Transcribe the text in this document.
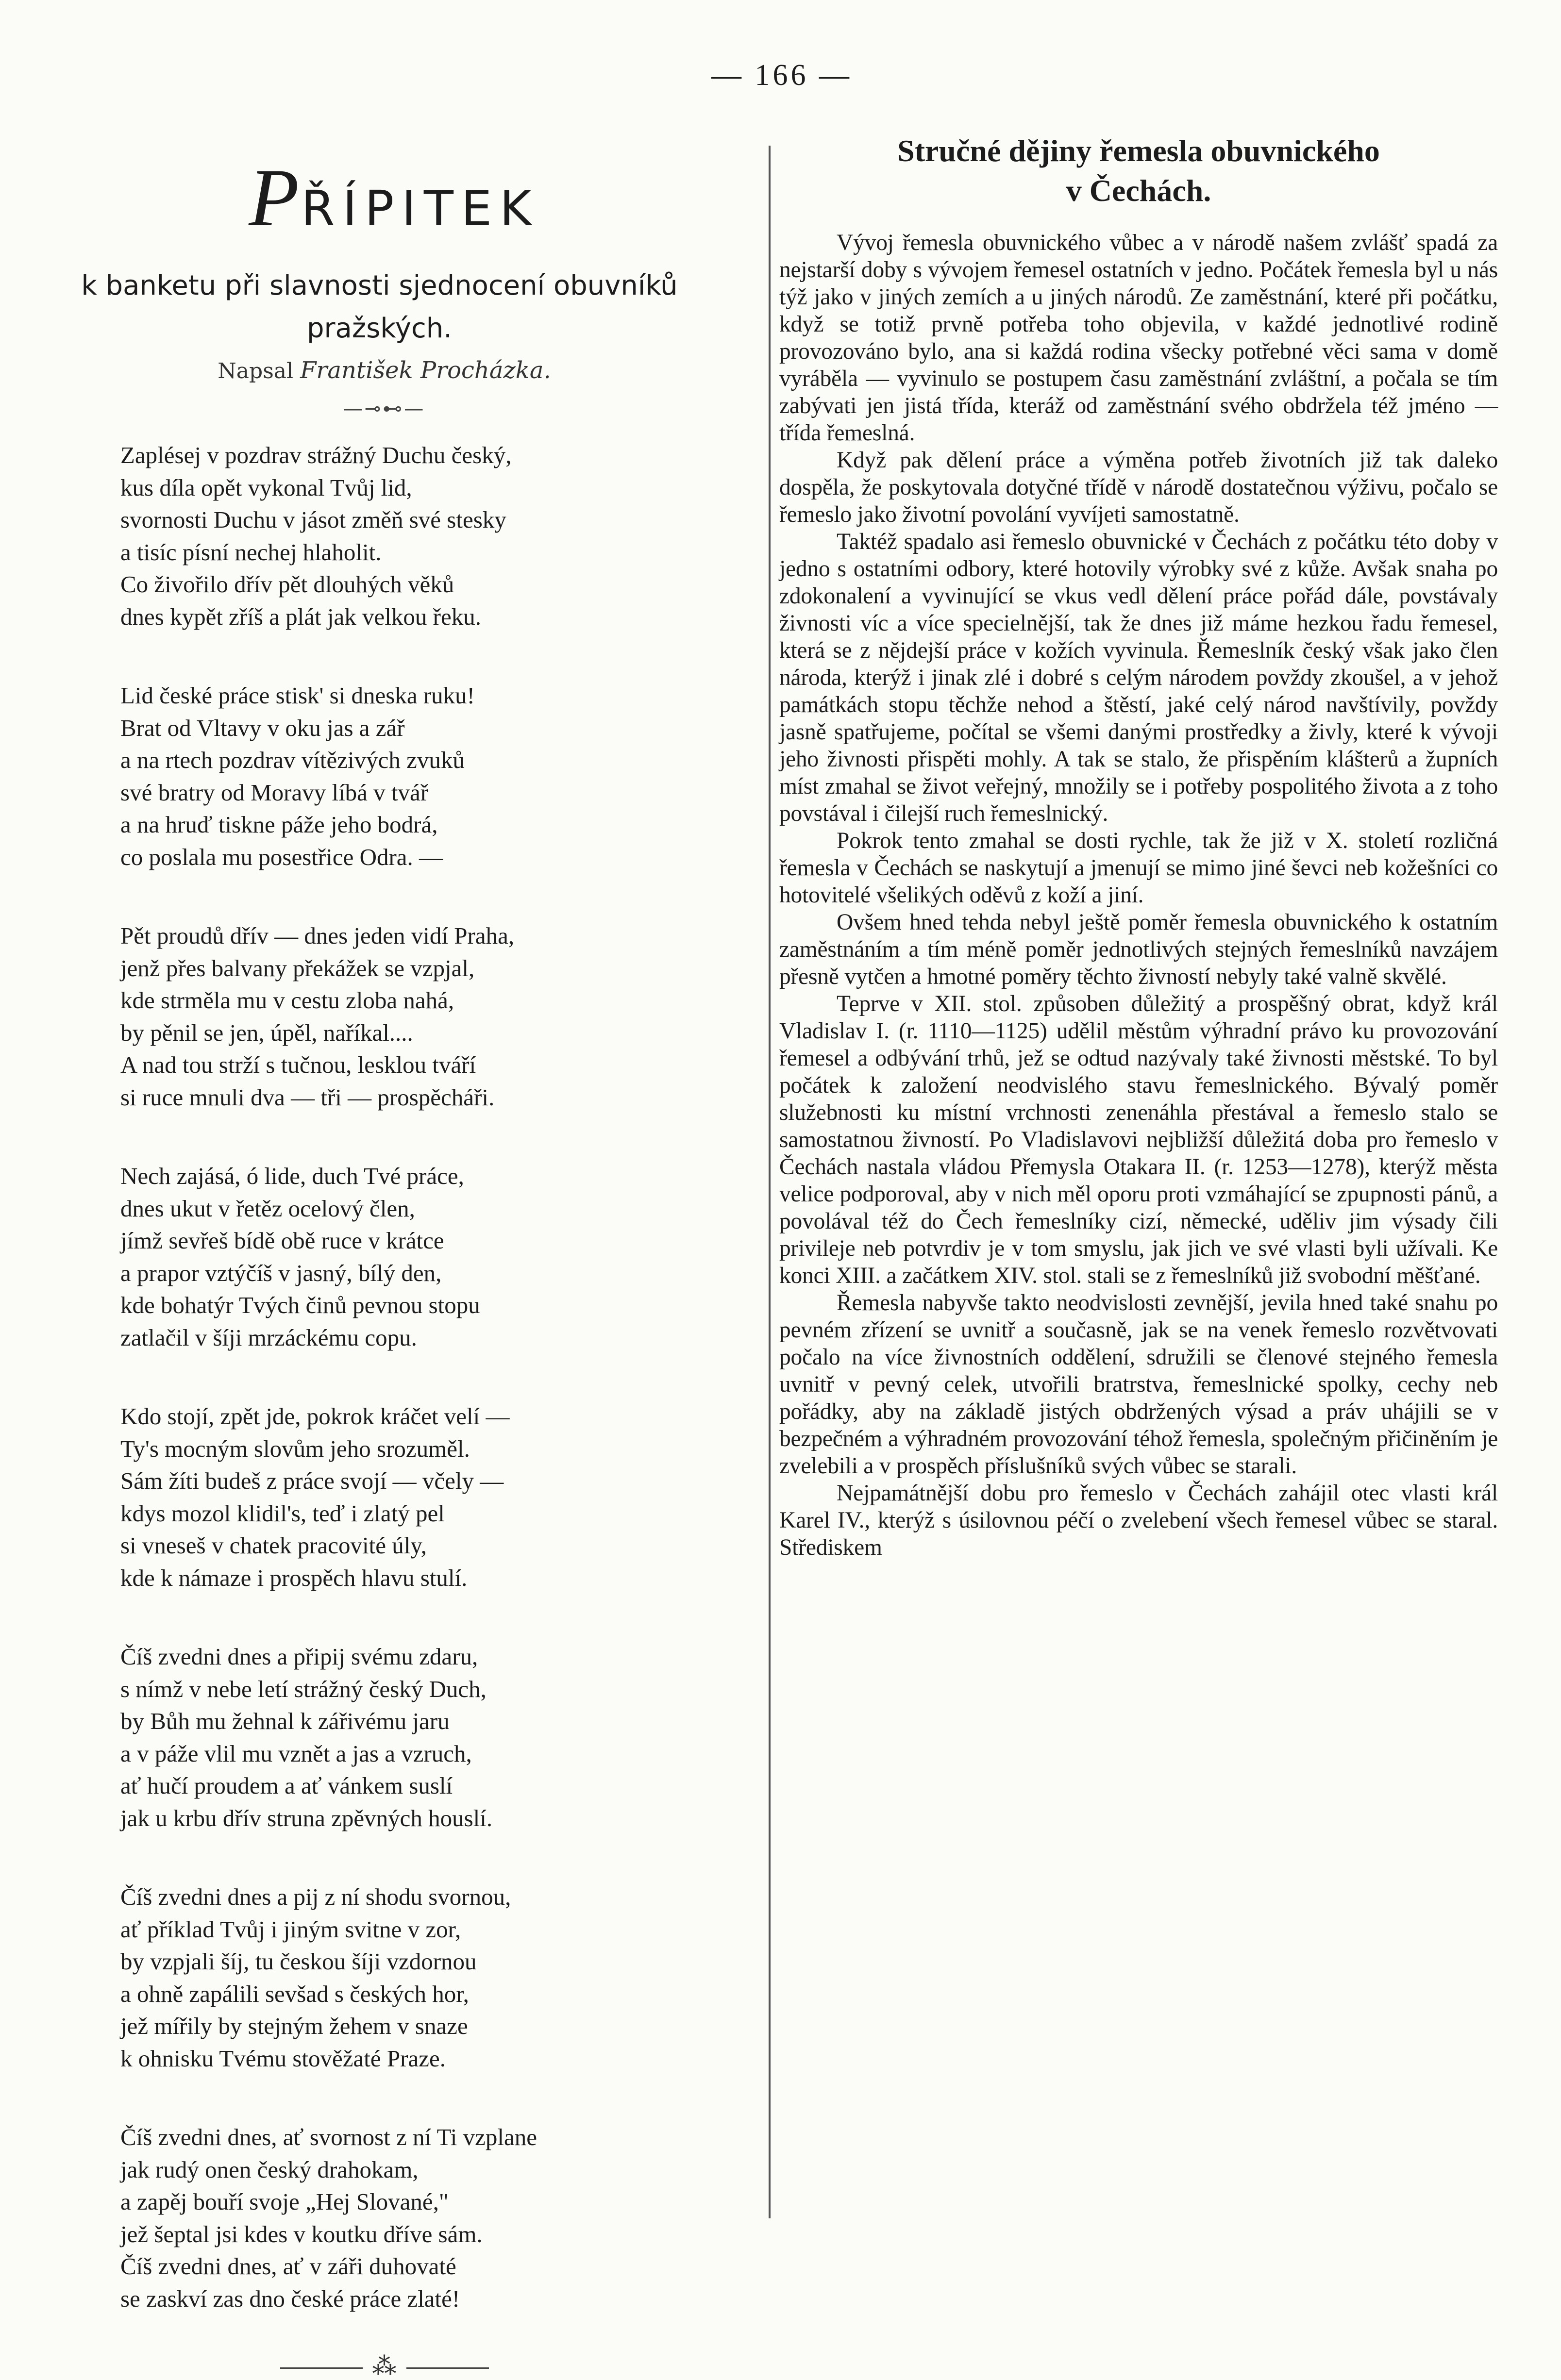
— 166 —
PŘÍPITEK
k banketu při slavnosti sjednocení obuvníků pražských.
Napsal František Procházka.
—⊸⊷—
Zaplésej v pozdrav strážný Duchu český,
kus díla opět vykonal Tvůj lid,
svornosti Duchu v jásot změň své stesky
a tisíc písní nechej hlaholit.
Co živořilo dřív pět dlouhých věků
dnes kypět zříš a plát jak velkou řeku.
Lid české práce stisk' si dneska ruku!
Brat od Vltavy v oku jas a zář
a na rtech pozdrav vítězivých zvuků
své bratry od Moravy líbá v tvář
a na hruď tiskne páže jeho bodrá,
co poslala mu posestřice Odra. —
Pět proudů dřív — dnes jeden vidí Praha,
jenž přes balvany překážek se vzpjal,
kde strměla mu v cestu zloba nahá,
by pěnil se jen, úpěl, naříkal....
A nad tou strží s tučnou, lesklou tváří
si ruce mnuli dva — tři — prospěcháři.
Nech zajásá, ó lide, duch Tvé práce,
dnes ukut v řetěz ocelový člen,
jímž sevřeš bídě obě ruce v krátce
a prapor vztýčíš v jasný, bílý den,
kde bohatýr Tvých činů pevnou stopu
zatlačil v šíji mrzáckému copu.
Kdo stojí, zpět jde, pokrok kráčet velí —
Ty's mocným slovům jeho srozuměl.
Sám žíti budeš z práce svojí — včely —
kdys mozol klidil's, teď i zlatý pel
si vneseš v chatek pracovité úly,
kde k námaze i prospěch hlavu stulí.
Číš zvedni dnes a připij svému zdaru,
s nímž v nebe letí strážný český Duch,
by Bůh mu žehnal k zářivému jaru
a v páže vlil mu vznět a jas a vzruch,
ať hučí proudem a ať vánkem suslí
jak u krbu dřív struna zpěvných houslí.
Číš zvedni dnes a pij z ní shodu svornou,
ať příklad Tvůj i jiným svitne v zor,
by vzpjali šíj, tu českou šíji vzdornou
a ohně zapálili sevšad s českých hor,
jež mířily by stejným žehem v snaze
k ohnisku Tvému stověžaté Praze.
Číš zvedni dnes, ať svornost z ní Ti vzplane
jak rudý onen český drahokam,
a zapěj bouří svoje „Hej Slované,"
jež šeptal jsi kdes v koutku dříve sám.
Číš zvedni dnes, ať v záři duhovaté
se zaskví zas dno české práce zlaté!
⁂
Stručné dějiny řemesla obuvnického
v Čechách.

Vývoj řemesla obuvnického vůbec a v národě našem zvlášť spadá za nejstarší doby s vývojem řemesel ostatních v jedno. Počátek řemesla byl u nás týž jako v jiných zemích a u jiných národů. Ze zaměstnání, které při počátku, když se totiž prvně potřeba toho objevila, v každé jednotlivé rodině provozováno bylo, ana si každá rodina všecky potřebné věci sama v domě vyráběla — vyvinulo se postupem času zaměstnání zvláštní, a počala se tím zabývati jen jistá třída, kteráž od zaměstnání svého obdržela též jméno — třída řemeslná.

Když pak dělení práce a výměna potřeb životních již tak daleko dospěla, že poskytovala dotyčné třídě v národě dostatečnou výživu, počalo se řemeslo jako životní povolání vyvíjeti samostatně.

Taktéž spadalo asi řemeslo obuvnické v Čechách z počátku této doby v jedno s ostatními odbory, které hotovily výrobky své z kůže. Avšak snaha po zdokonalení a vyvinující se vkus vedl dělení práce pořád dále, povstávaly živnosti víc a více specielnější, tak že dnes již máme hezkou řadu řemesel, která se z nějdejší práce v kožích vyvinula. Řemeslník český však jako člen národa, kterýž i jinak zlé i dobré s celým národem povždy zkoušel, a v jehož památkách stopu těchže nehod a štěstí, jaké celý národ navštívily, povždy jasně spatřujeme, počítal se všemi danými prostředky a živly, které k vývoji jeho živnosti přispěti mohly. A tak se stalo, že přispěním klášterů a župních míst zmahal se život veřejný, množily se i potřeby pospolitého života a z toho povstával i čilejší ruch řemeslnický.

Pokrok tento zmahal se dosti rychle, tak že již v X. století rozličná řemesla v Čechách se naskytují a jmenují se mimo jiné ševci neb kožešníci co hotovitelé všelikých oděvů z koží a jiní.

Ovšem hned tehda nebyl ještě poměr řemesla obuvnického k ostatním zaměstnáním a tím méně poměr jednotlivých stejných řemeslníků navzájem přesně vytčen a hmotné poměry těchto živností nebyly také valně skvělé.

Teprve v XII. stol. způsoben důležitý a prospěšný obrat, když král Vladislav I. (r. 1110—1125) udělil městům výhradní právo ku provozování řemesel a odbývání trhů, jež se odtud nazývaly také živnosti městské. To byl počátek k založení neodvislého stavu řemeslnického. Bývalý poměr služebnosti ku místní vrchnosti zenenáhla přestával a řemeslo stalo se samostatnou živností. Po Vladislavovi nejbližší důležitá doba pro řemeslo v Čechách nastala vládou Přemysla Otakara II. (r. 1253—1278), kterýž města velice podporoval, aby v nich měl oporu proti vzmáhající se zpupnosti pánů, a povolával též do Čech řemeslníky cizí, německé, uděliv jim výsady čili privileje neb potvrdiv je v tom smyslu, jak jich ve své vlasti byli užívali. Ke konci XIII. a začátkem XIV. stol. stali se z řemeslníků již svobodní měšťané.

Řemesla nabyvše takto neodvislosti zevnější, jevila hned také snahu po pevném zřízení se uvnitř a současně, jak se na venek řemeslo rozvětvovati počalo na více živnostních oddělení, sdružili se členové stejného řemesla uvnitř v pevný celek, utvořili bratrstva, řemeslnické spolky, cechy neb pořádky, aby na základě jistých obdržených výsad a práv uhájili se v bezpečném a výhradném provozování téhož řemesla, společným přičiněním je zvelebili a v prospěch příslušníků svých vůbec se starali.

Nejpamátnější dobu pro řemeslo v Čechách zahájil otec vlasti král Karel IV., kterýž s úsilovnou péčí o zvelebení všech řemesel vůbec se staral. Střediskem
